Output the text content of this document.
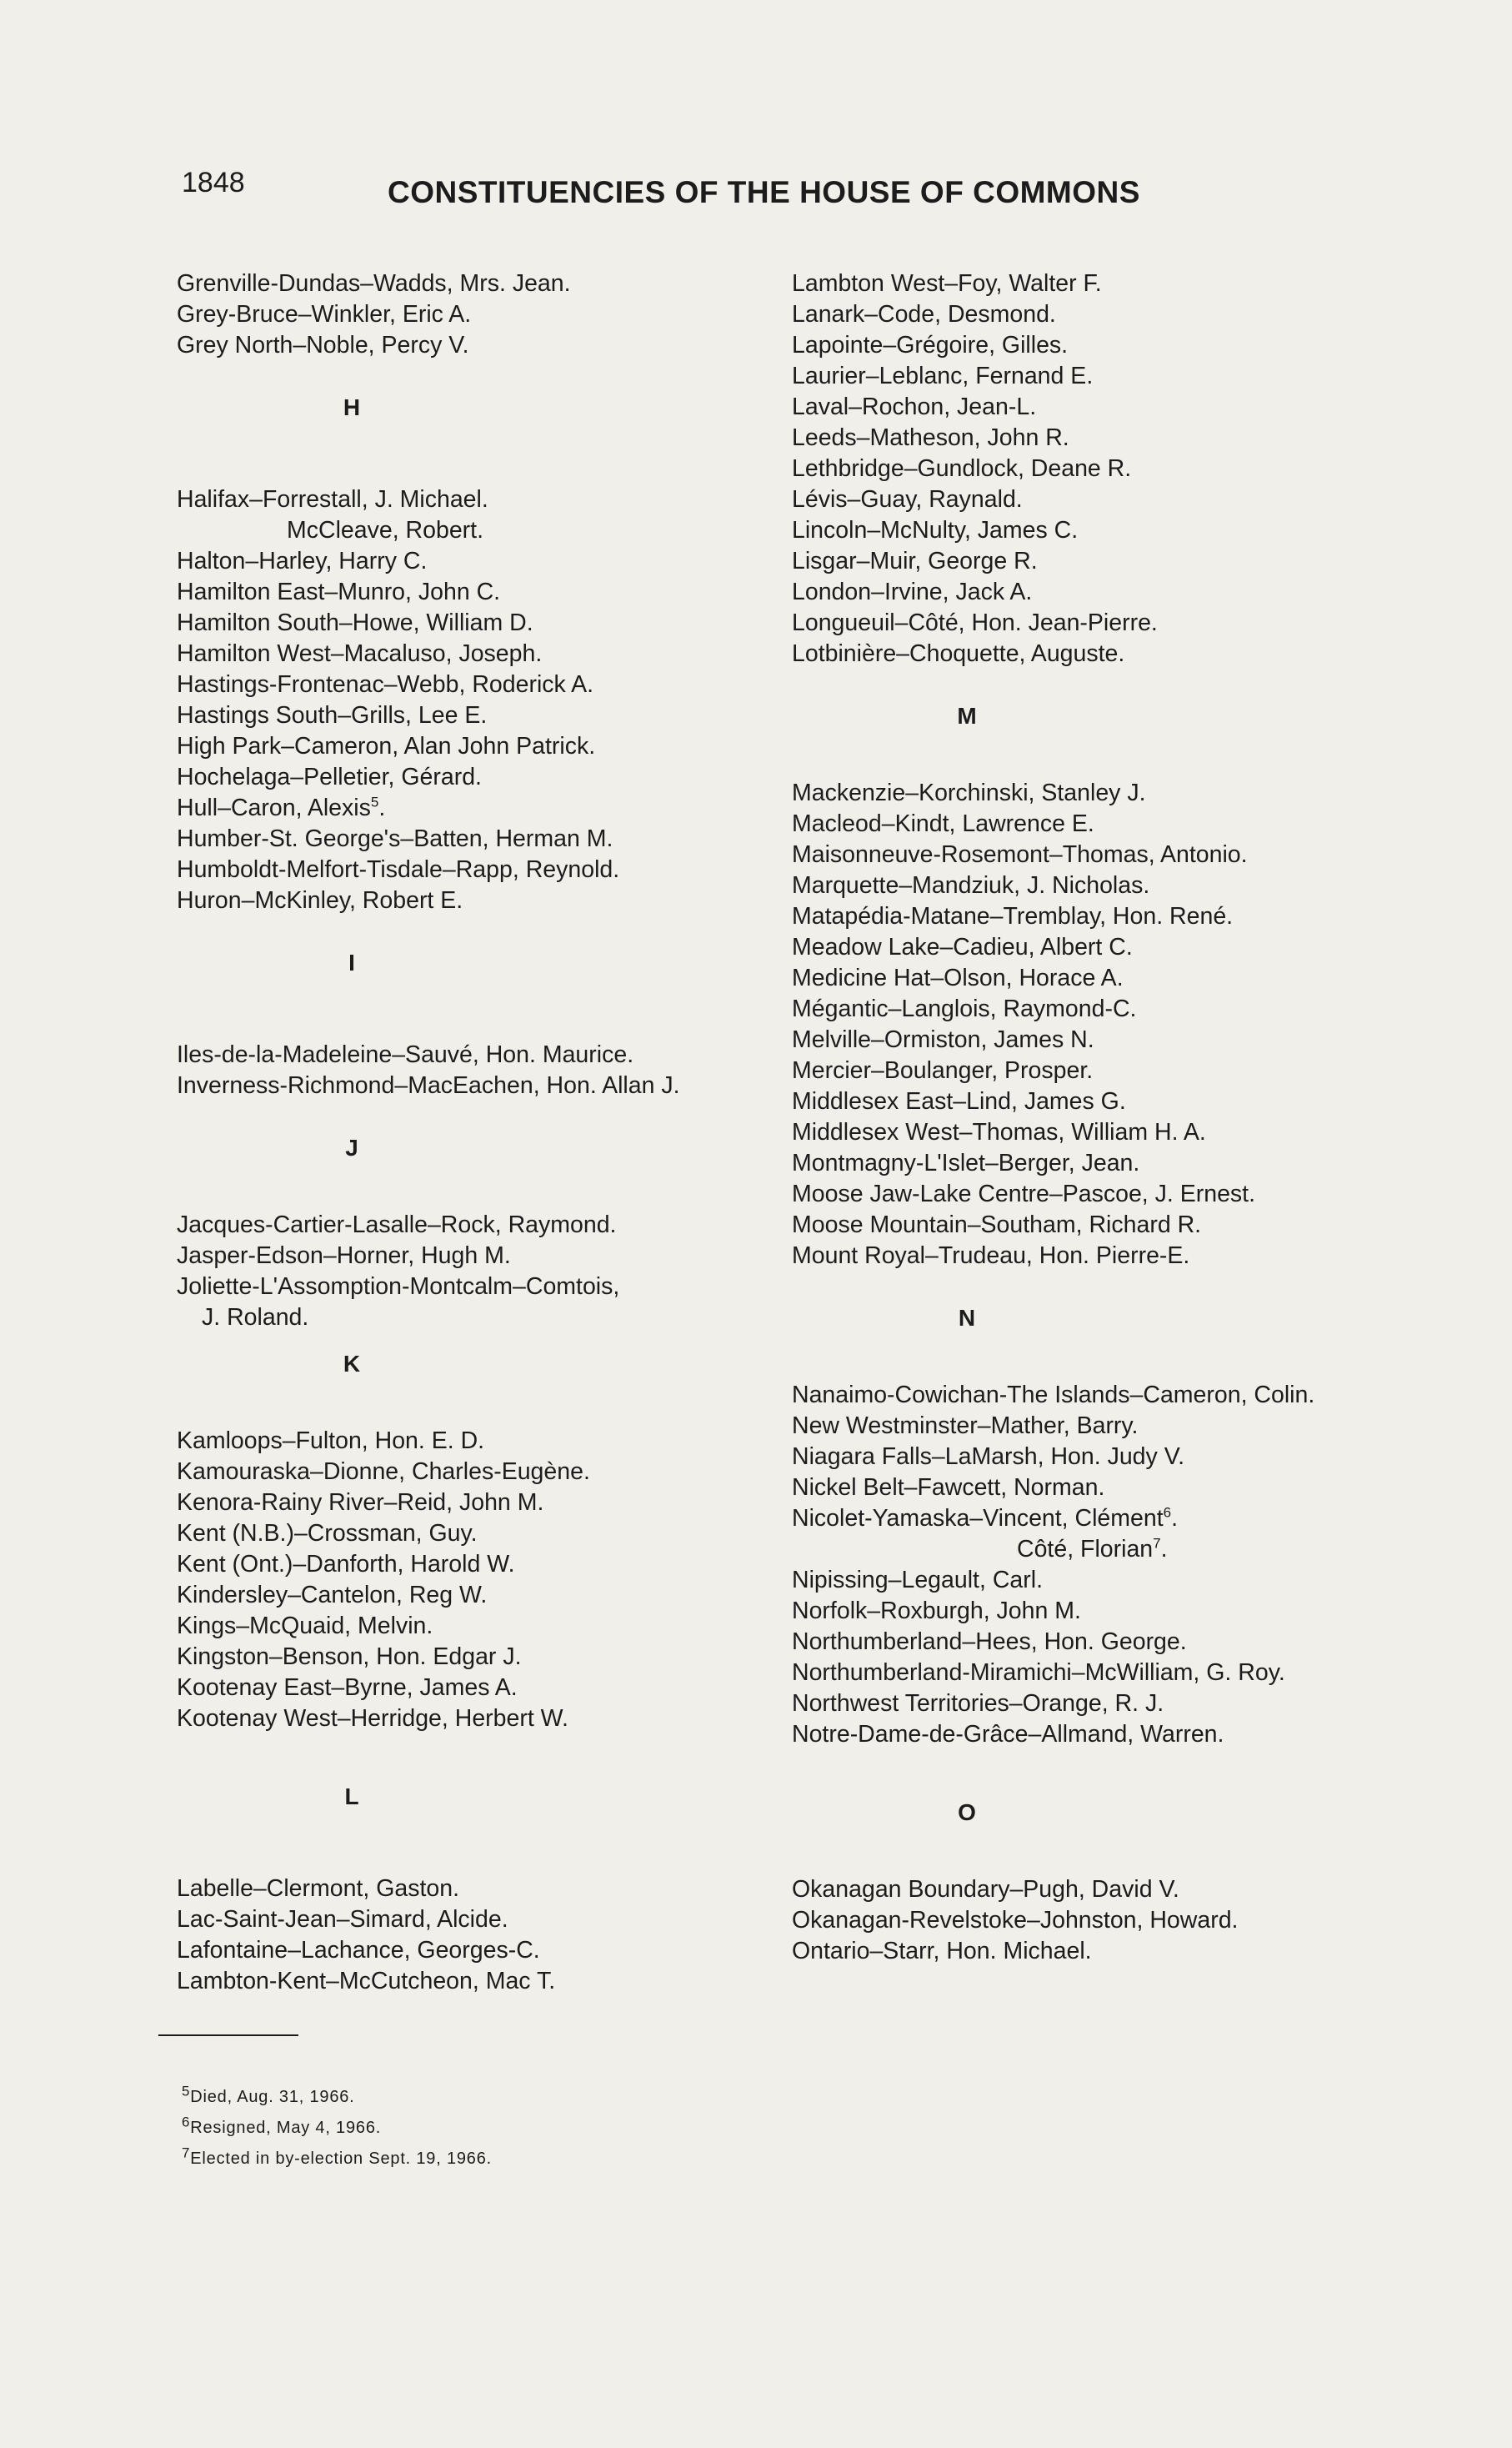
1848	CONSTITUENCIES OF THE HOUSE OF COMMONS
Grenville-Dundas–Wadds, Mrs. Jean.
Grey-Bruce–Winkler, Eric A.
Grey North–Noble, Percy V.
H
Halifax–Forrestall, J. Michael.
McCleave, Robert.
Halton–Harley, Harry C.
Hamilton East–Munro, John C.
Hamilton South–Howe, William D.
Hamilton West–Macaluso, Joseph.
Hastings-Frontenac–Webb, Roderick A.
Hastings South–Grills, Lee E.
High Park–Cameron, Alan John Patrick.
Hochelaga–Pelletier, Gérard.
Hull–Caron, Alexis$^5$.
Humber-St. George's–Batten, Herman M.
Humboldt-Melfort-Tisdale–Rapp, Reynold.
Huron–McKinley, Robert E.
I
Iles-de-la-Madeleine–Sauvé, Hon. Maurice.
Inverness-Richmond–MacEachen, Hon. Allan J.
J
Jacques-Cartier-Lasalle–Rock, Raymond.
Jasper-Edson–Horner, Hugh M.
Joliette-L'Assomption-Montcalm–Comtois,
J. Roland.
K
Kamloops–Fulton, Hon. E. D.
Kamouraska–Dionne, Charles-Eugène.
Kenora-Rainy River–Reid, John M.
Kent (N.B.)–Crossman, Guy.
Kent (Ont.)–Danforth, Harold W.
Kindersley–Cantelon, Reg W.
Kings–McQuaid, Melvin.
Kingston–Benson, Hon. Edgar J.
Kootenay East–Byrne, James A.
Kootenay West–Herridge, Herbert W.
L
Labelle–Clermont, Gaston.
Lac-Saint-Jean–Simard, Alcide.
Lafontaine–Lachance, Georges-C.
Lambton-Kent–McCutcheon, Mac T.
Lambton West–Foy, Walter F.
Lanark–Code, Desmond.
Lapointe–Grégoire, Gilles.
Laurier–Leblanc, Fernand E.
Laval–Rochon, Jean-L.
Leeds–Matheson, John R.
Lethbridge–Gundlock, Deane R.
Lévis–Guay, Raynald.
Lincoln–McNulty, James C.
Lisgar–Muir, George R.
London–Irvine, Jack A.
Longueuil–Côté, Hon. Jean-Pierre.
Lotbinière–Choquette, Auguste.
M
Mackenzie–Korchinski, Stanley J.
Macleod–Kindt, Lawrence E.
Maisonneuve-Rosemont–Thomas, Antonio.
Marquette–Mandziuk, J. Nicholas.
Matapédia-Matane–Tremblay, Hon. René.
Meadow Lake–Cadieu, Albert C.
Medicine Hat–Olson, Horace A.
Mégantic–Langlois, Raymond-C.
Melville–Ormiston, James N.
Mercier–Boulanger, Prosper.
Middlesex East–Lind, James G.
Middlesex West–Thomas, William H. A.
Montmagny-L'Islet–Berger, Jean.
Moose Jaw-Lake Centre–Pascoe, J. Ernest.
Moose Mountain–Southam, Richard R.
Mount Royal–Trudeau, Hon. Pierre-E.
N
Nanaimo-Cowichan-The Islands–Cameron, Colin.
New Westminster–Mather, Barry.
Niagara Falls–LaMarsh, Hon. Judy V.
Nickel Belt–Fawcett, Norman.
Nicolet-Yamaska–Vincent, Clément$^6$.
Côté, Florian$^7$.
Nipissing–Legault, Carl.
Norfolk–Roxburgh, John M.
Northumberland–Hees, Hon. George.
Northumberland-Miramichi–McWilliam, G. Roy.
Northwest Territories–Orange, R. J.
Notre-Dame-de-Grâce–Allmand, Warren.
O
Okanagan Boundary–Pugh, David V.
Okanagan-Revelstoke–Johnston, Howard.
Ontario–Starr, Hon. Michael.
$^5$Died, Aug. 31, 1966.
$^6$Resigned, May 4, 1966.
$^7$Elected in by-election Sept. 19, 1966.
